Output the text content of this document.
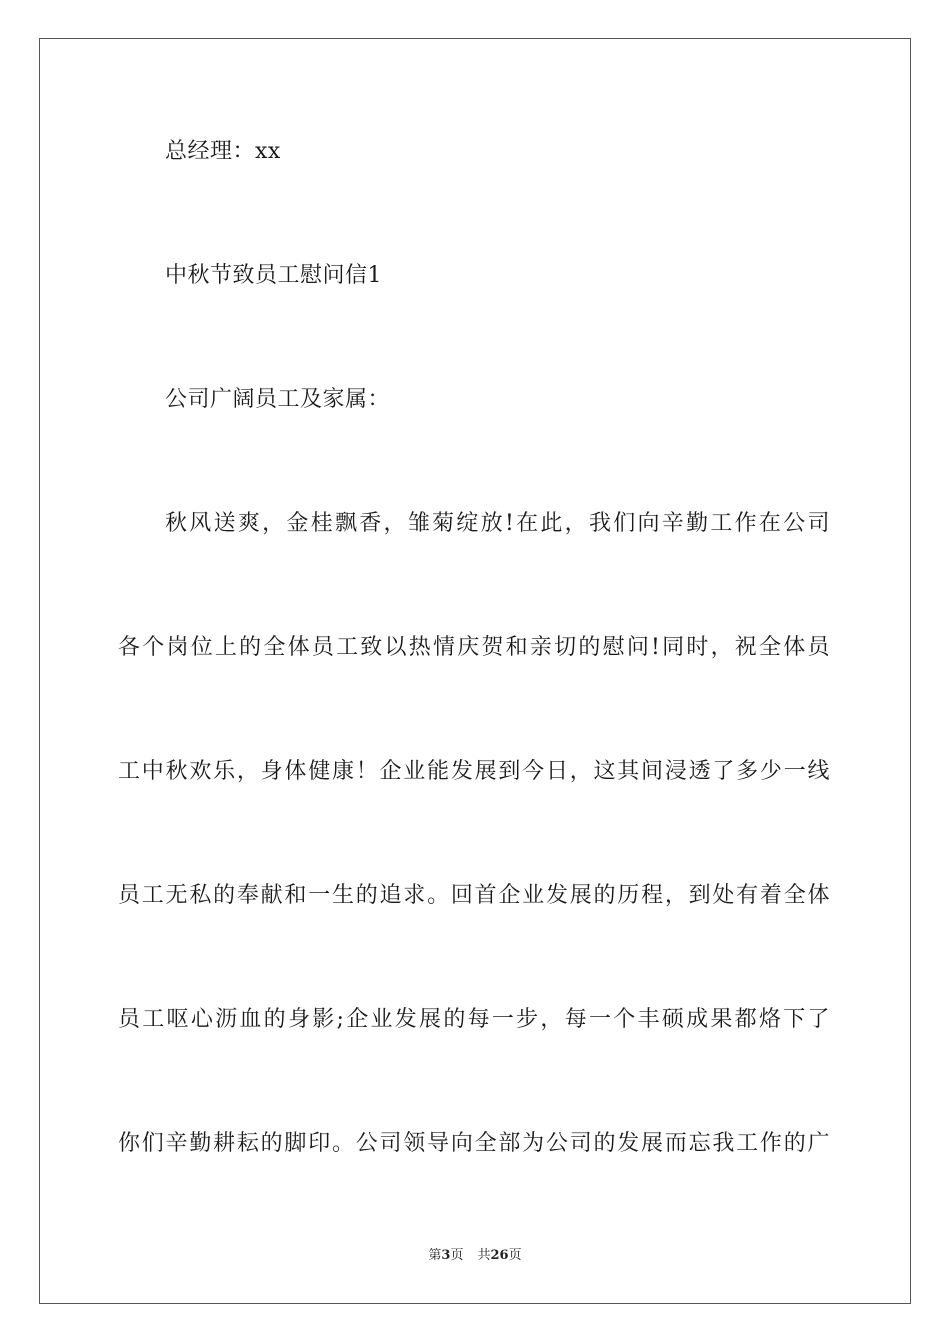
总经理：xx
中秋节致员工慰问信1
公司广阔员工及家属：
秋风送爽，金桂飘香，雏菊绽放!在此，我们向辛勤工作在公司
各个岗位上的全体员工致以热情庆贺和亲切的慰问!同时，祝全体员
工中秋欢乐，身体健康！企业能发展到今日，这其间浸透了多少一线
员工无私的奉献和一生的追求。回首企业发展的历程，到处有着全体
员工呕心沥血的身影;企业发展的每一步，每一个丰硕成果都烙下了
你们辛勤耕耘的脚印。公司领导向全部为公司的发展而忘我工作的广
第3页 共26页
